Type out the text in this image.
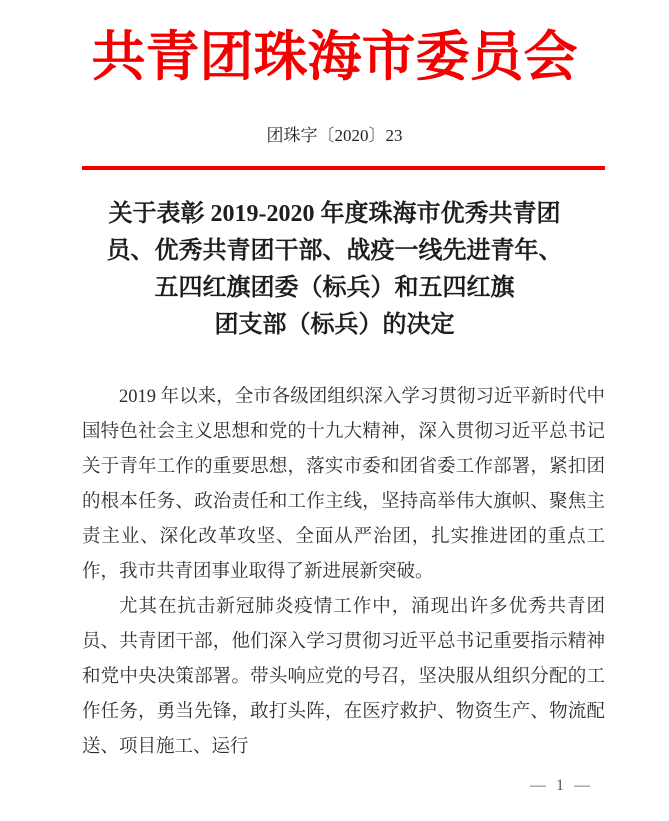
共青团珠海市委员会
团珠字〔2020〕23
关于表彰 2019-2020 年度珠海市优秀共青团
员、优秀共青团干部、战疫一线先进青年、
五四红旗团委（标兵）和五四红旗
团支部（标兵）的决定

2019 年以来，全市各级团组织深入学习贯彻习近平新时代中国特色社会主义思想和党的十九大精神，深入贯彻习近平总书记关于青年工作的重要思想，落实市委和团省委工作部署，紧扣团的根本任务、政治责任和工作主线，坚持高举伟大旗帜、聚焦主责主业、深化改革攻坚、全面从严治团，扎实推进团的重点工作，我市共青团事业取得了新进展新突破。

尤其在抗击新冠肺炎疫情工作中，涌现出许多优秀共青团员、共青团干部，他们深入学习贯彻习近平总书记重要指示精神和党中央决策部署。带头响应党的号召，坚决服从组织分配的工作任务，勇当先锋，敢打头阵，在医疗救护、物资生产、物流配送、项目施工、运行

— 1 —
